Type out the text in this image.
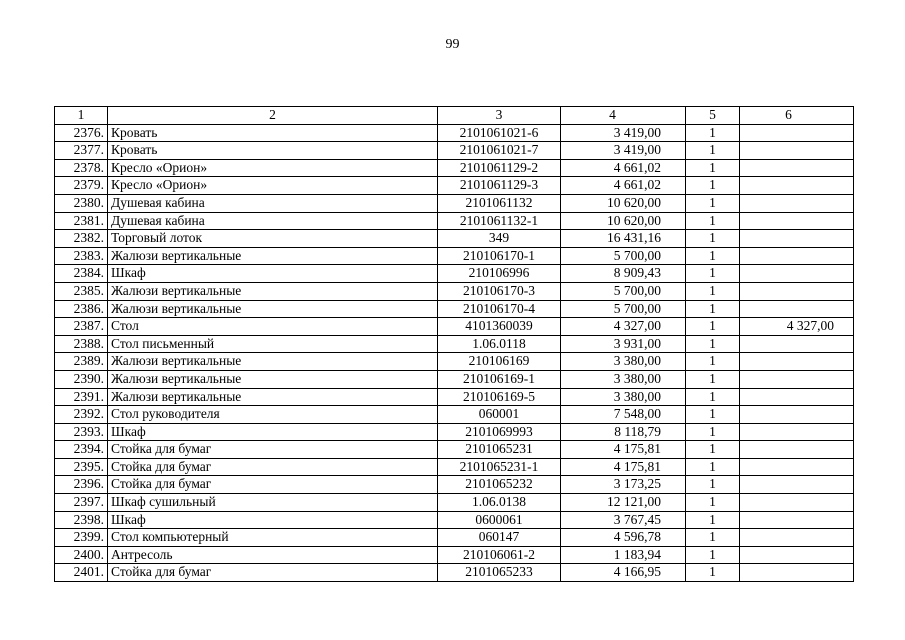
99
1	2	3	4	5	6
2376.	Кровать	2101061021-6	3 419,00	1	
2377.	Кровать	2101061021-7	3 419,00	1	
2378.	Кресло «Орион»	2101061129-2	4 661,02	1	
2379.	Кресло «Орион»	2101061129-3	4 661,02	1	
2380.	Душевая кабина	2101061132	10 620,00	1	
2381.	Душевая кабина	2101061132-1	10 620,00	1	
2382.	Торговый лоток	349	16 431,16	1	
2383.	Жалюзи вертикальные	210106170-1	5 700,00	1	
2384.	Шкаф	210106996	8 909,43	1	
2385.	Жалюзи вертикальные	210106170-3	5 700,00	1	
2386.	Жалюзи вертикальные	210106170-4	5 700,00	1	
2387.	Стол	4101360039	4 327,00	1	4 327,00
2388.	Стол письменный	1.06.0118	3 931,00	1	
2389.	Жалюзи вертикальные	210106169	3 380,00	1	
2390.	Жалюзи вертикальные	210106169-1	3 380,00	1	
2391.	Жалюзи вертикальные	210106169-5	3 380,00	1	
2392.	Стол руководителя	060001	7 548,00	1	
2393.	Шкаф	2101069993	8 118,79	1	
2394.	Стойка для бумаг	2101065231	4 175,81	1	
2395.	Стойка для бумаг	2101065231-1	4 175,81	1	
2396.	Стойка для бумаг	2101065232	3 173,25	1	
2397.	Шкаф сушильный	1.06.0138	12 121,00	1	
2398.	Шкаф	0600061	3 767,45	1	
2399.	Стол компьютерный	060147	4 596,78	1	
2400.	Антресоль	210106061-2	1 183,94	1	
2401.	Стойка для бумаг	2101065233	4 166,95	1	
